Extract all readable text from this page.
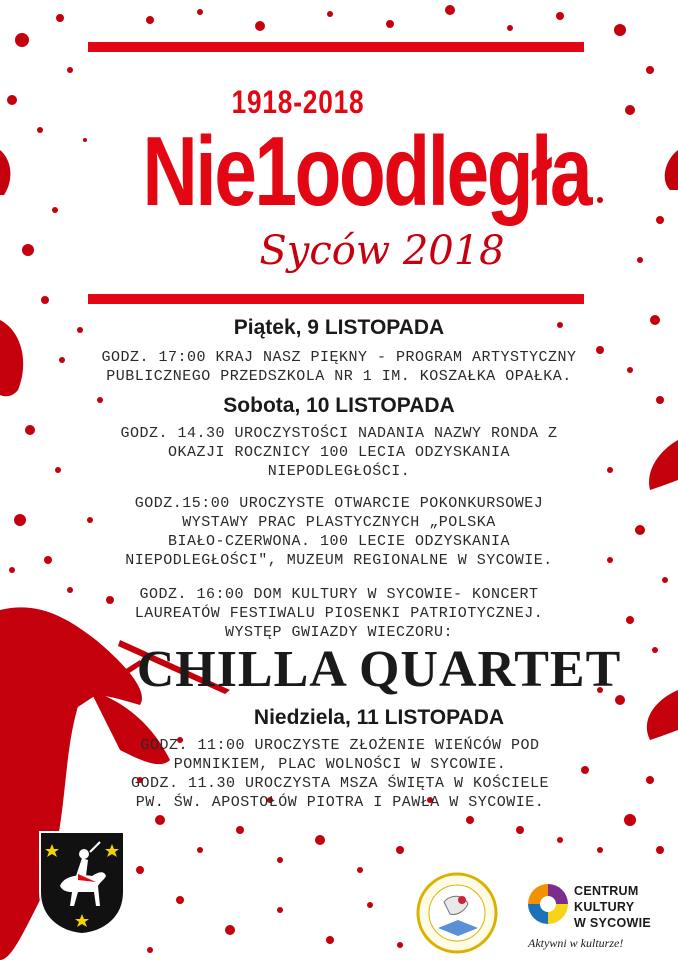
1918-2018
Nie1oodległa
Syców 2018
Piątek, 9 LISTOPADA
GODZ. 17:00 KRAJ NASZ PIĘKNY - PROGRAM ARTYSTYCZNY
PUBLICZNEGO PRZEDSZKOLA NR 1 IM. KOSZAŁKA OPAŁKA.
Sobota, 10 LISTOPADA
GODZ. 14.30 UROCZYSTOŚCI NADANIA NAZWY RONDA Z
OKAZJI ROCZNICY 100 LECIA ODZYSKANIA
NIEPODLEGŁOŚCI.
GODZ.15:00 UROCZYSTE OTWARCIE POKONKURSOWEJ
WYSTAWY PRAC PLASTYCZNYCH „POLSKA
BIAŁO-CZERWONA. 100 LECIE ODZYSKANIA
NIEPODLEGŁOŚCI", MUZEUM REGIONALNE W SYCOWIE.
GODZ. 16:00 DOM KULTURY W SYCOWIE- KONCERT
LAUREATÓW FESTIWALU PIOSENKI PATRIOTYCZNEJ.
WYSTĘP GWIAZDY WIECZORU:
CHILLA QUARTET
Niedziela, 11 LISTOPADA
GODZ. 11:00 UROCZYSTE ZŁOŻENIE WIEŃCÓW POD
POMNIKIEM, PLAC WOLNOŚCI W SYCOWIE.
GODZ. 11.30 UROCZYSTA MSZA ŚWIĘTA W KOŚCIELE
PW. ŚW. APOSTOŁÓW PIOTRA I PAWŁA W SYCOWIE.
CENTRUM
KULTURY
W SYCOWIE
Aktywni w kulturze!
